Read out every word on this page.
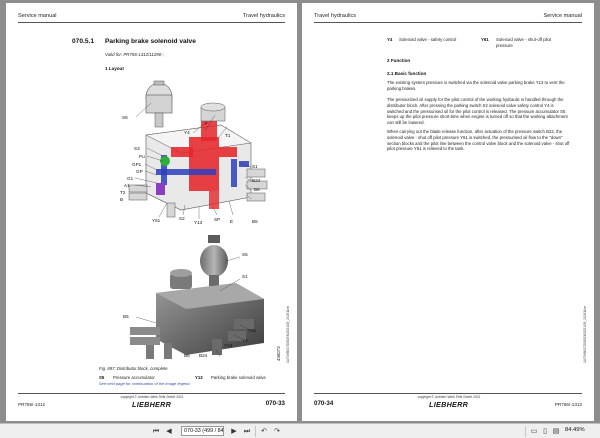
Service manual	Travel hydraulics
070.5.1 Parking brake solenoid valve
Valid for: PR756-1312/11290-;
1 Layout
S5
Y4
F
T1
S3
Pu
GP1
GP
G1
A1
T2
B
S1
B24
B6
B5
Y61	S2
Y13
SP E
S5
S1
B5
Y61
B6 B24
Y13
Y4
436073
Fig. 697: Distributor block, complete
S5 Pressure accumulator	Y13 Parking brake solenoid valve
See next page for continuation of the image legend
LWT/MB/07/2082EN/2021/05_210911en
PR756/-1312
copyright © Liebherr-Werk Telfs GmbH 2021
LIEBHERR	070-33
Travel hydraulics	Service manual
Y4 Solenoid valve - safety control	Y61 Solenoid valve - shut-off pilot pressure
2 Function
2.1 Basic function
The existing system pressure is switched via the solenoid valve parking brake Y13 to vent the parking brakes.
The pressurized oil supply for the pilot control of the working hydraulic is handled through the distributor block. After pressing the parking switch S2 solenoid valve safety control Y4 is switched and the pressurised oil for the pilot control is released. The pressure accumulator S5 keeps up the pilot pressure short-time when engine is turned off so that the working attachment can still be lowered.
When carrying out the blade release function, after actuation of the pressure switch B22, the solenoid valve - shut off pilot pressure Y61 is switched, the pressurised oil flow to the "down" section blocks and the pilot line between the control valve block and the solenoid valve - shut off pilot pressure Y61 is relieved to the tank.
LWT/MB/07/2082EN/2021/05_210911en
070-34
copyright © Liebherr-Werk Telfs GmbH 2021
LIEBHERR	PR756/-1312
⏮	◀
070-33 (499 / 84	▶	⏭ ↶ ↷	▭ ▯ ▤ 84.49%
